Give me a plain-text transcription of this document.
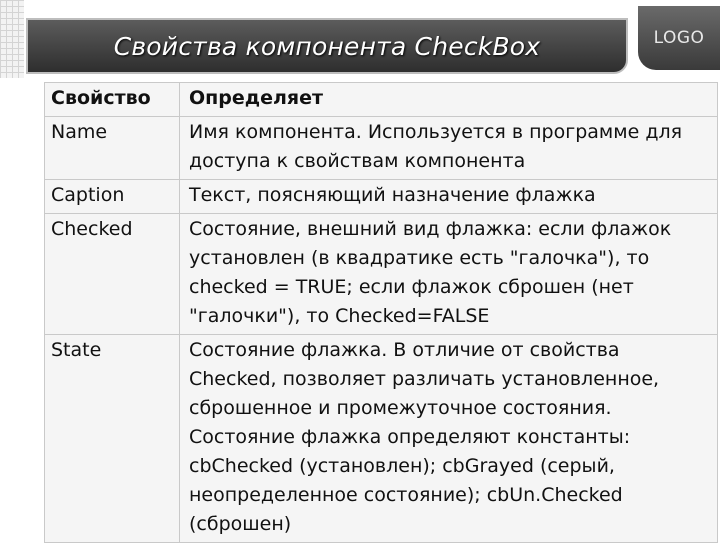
Свойства компонента CheckBox	LOGO
Свойство	Определяет
Name	Имя компонента. Используется в программе для доступа к свойствам компонента
Caption	Текст, поясняющий назначение флажка
Checked	Состояние, внешний вид флажка: если флажок установлен (в квадратике есть "галочка"), то checked = TRUE; если флажок сброшен (нет "галочки"), то Checked=FALSE
State	Состояние флажка. В отличие от свойства Checked, позволяет различать установленное, сброшенное и промежуточное состояния. Состояние флажка определяют константы: cbChecked (установлен); cbGrayed (серый, неопределенное состояние); cbUn.Checked (сброшен)
